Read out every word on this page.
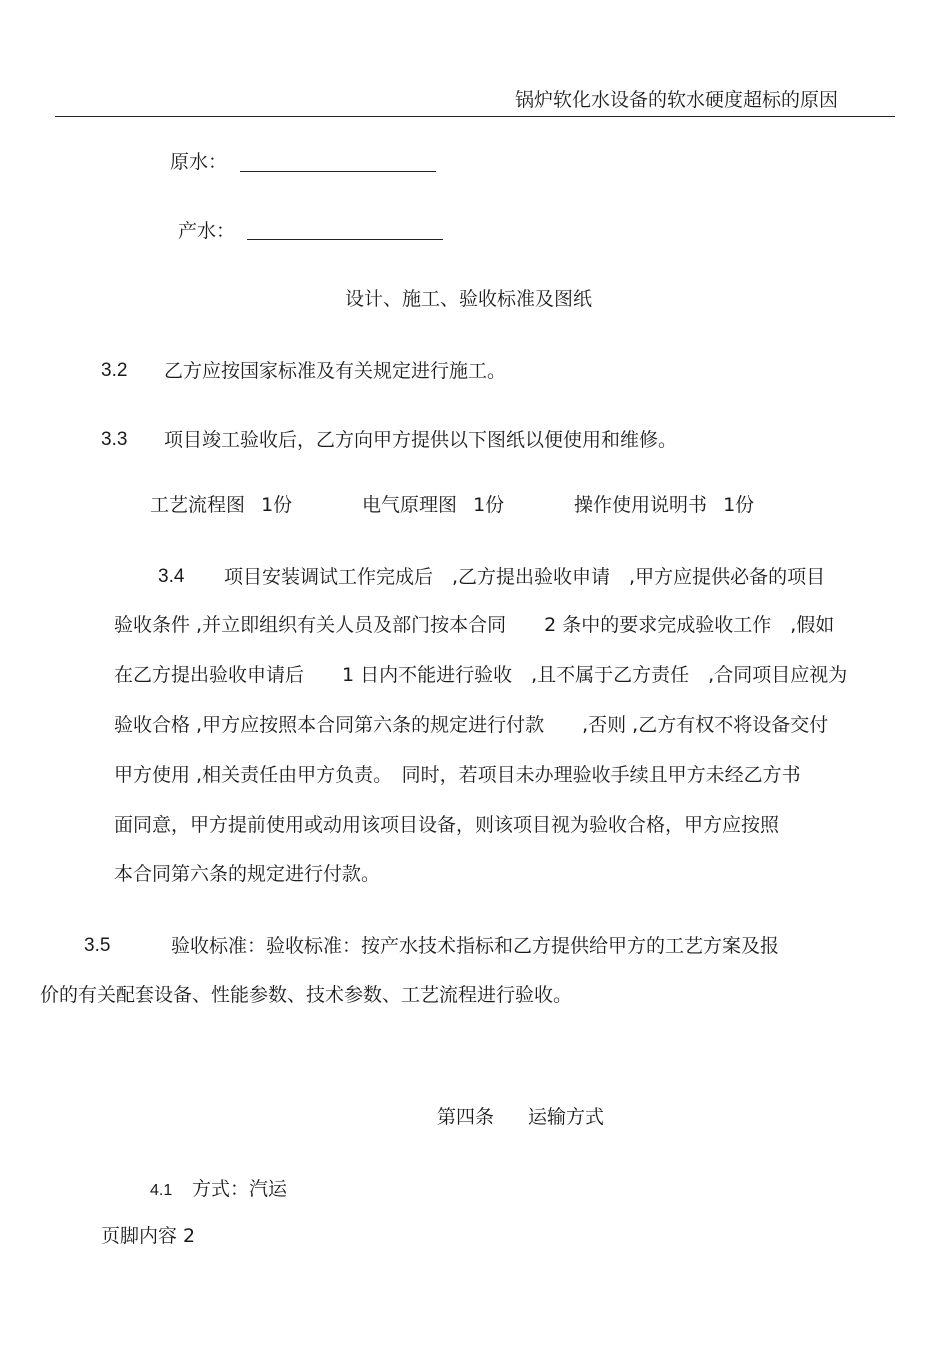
锅炉软化水设备的软水硬度超标的原因
原水：
产水：
设计、施工、验收标准及图纸
3.2 乙方应按国家标准及有关规定进行施工。
3.3 项目竣工验收后，乙方向甲方提供以下图纸以便使用和维修。
工艺流程图 1份	电气原理图 1份	操作使用说明书 1份
3.4 项目安装调试工作完成后　,乙方提出验收申请　,甲方应提供必备的项目
验收条件 ,并立即组织有关人员及部门按本合同　　2 条中的要求完成验收工作　,假如
在乙方提出验收申请后　　1 日内不能进行验收　,且不属于乙方责任　,合同项目应视为
验收合格 ,甲方应按照本合同第六条的规定进行付款　　,否则 ,乙方有权不将设备交付
甲方使用 ,相关责任由甲方负责。　同时，若项目未办理验收手续且甲方未经乙方书
面同意，甲方提前使用或动用该项目设备，则该项目视为验收合格，甲方应按照
本合同第六条的规定进行付款。
3.5	验收标准：验收标准：按产水技术指标和乙方提供给甲方的工艺方案及报
价的有关配套设备、性能参数、技术参数、工艺流程进行验收。
第四条 运输方式
4.1 方式：汽运
页脚内容 2
